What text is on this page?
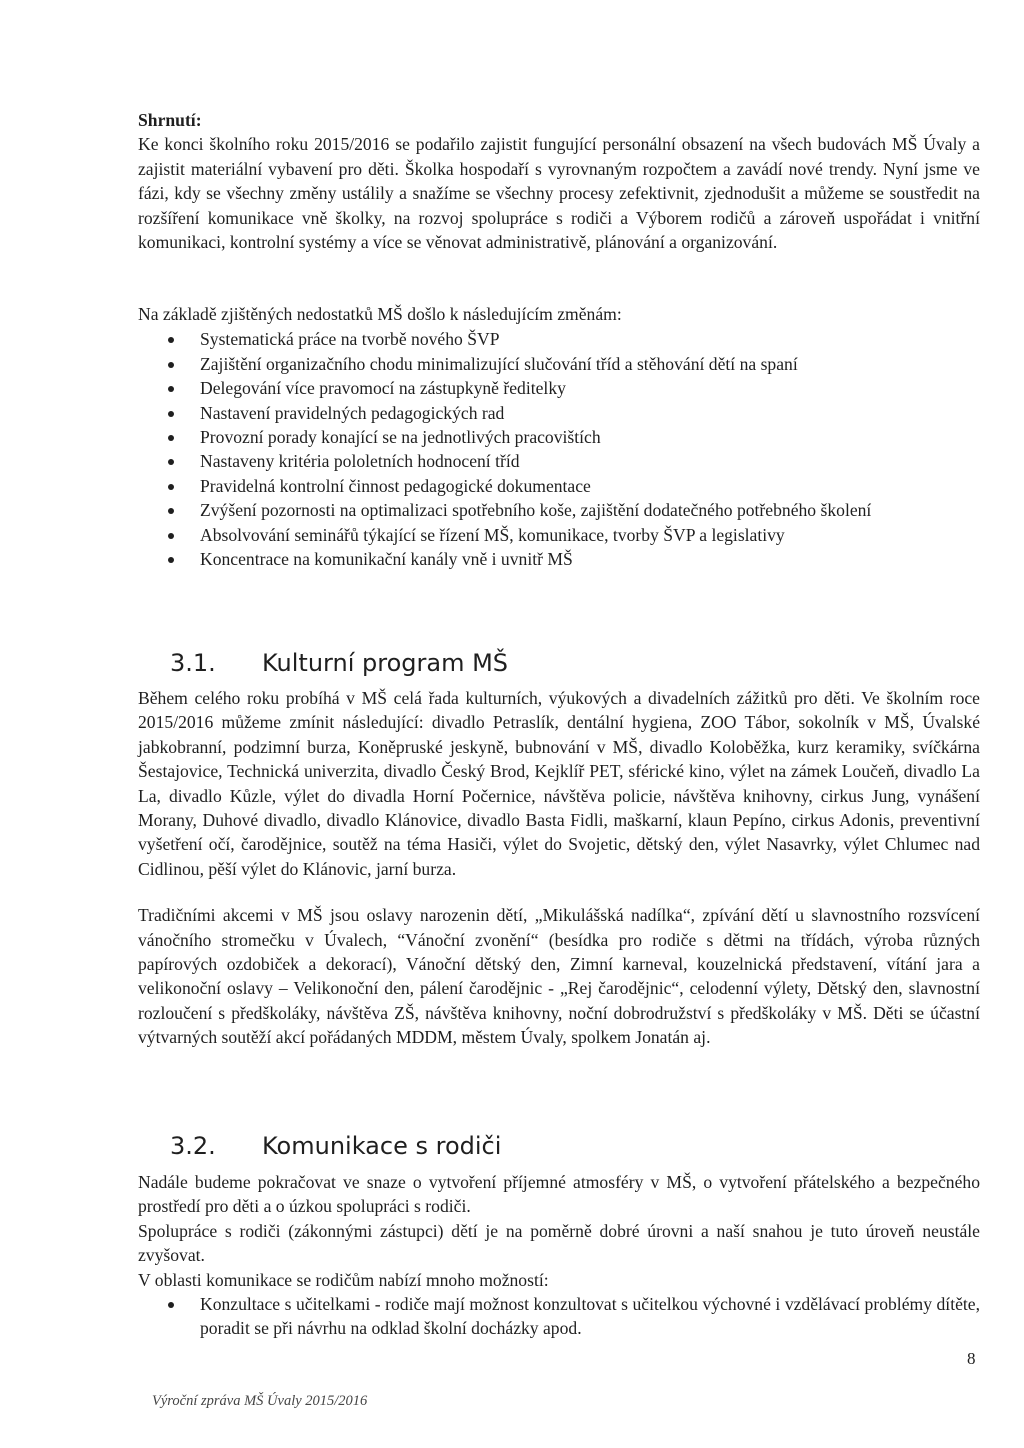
Shrnutí:

Ke konci školního roku 2015/2016 se podařilo zajistit fungující personální obsazení na všech budovách MŠ Úvaly a zajistit materiální vybavení pro děti. Školka hospodaří s vyrovnaným rozpočtem a zavádí nové trendy. Nyní jsme ve fázi, kdy se všechny změny ustálily a snažíme se všechny procesy zefektivnit, zjednodušit a můžeme se soustředit na rozšíření komunikace vně školky, na rozvoj spolupráce s rodiči a Výborem rodičů a zároveň uspořádat i vnitřní komunikaci, kontrolní systémy a více se věnovat administrativě, plánování a organizování.

Na základě zjištěných nedostatků MŠ došlo k následujícím změnám:

Systematická práce na tvorbě nového ŠVP
Zajištění organizačního chodu minimalizující slučování tříd a stěhování dětí na spaní
Delegování více pravomocí na zástupkyně ředitelky
Nastavení pravidelných pedagogických rad
Provozní porady konající se na jednotlivých pracovištích
Nastaveny kritéria pololetních hodnocení tříd
Pravidelná kontrolní činnost pedagogické dokumentace
Zvýšení pozornosti na optimalizaci spotřebního koše, zajištění dodatečného potřebného školení
Absolvování seminářů týkající se řízení MŠ, komunikace, tvorby ŠVP a legislativy
Koncentrace na komunikační kanály vně i uvnitř MŠ
3.1. Kulturní program MŠ

Během celého roku probíhá v MŠ celá řada kulturních, výukových a divadelních zážitků pro děti. Ve školním roce 2015/2016 můžeme zmínit následující: divadlo Petraslík, dentální hygiena, ZOO Tábor, sokolník v MŠ, Úvalské jabkobranní, podzimní burza, Koněpruské jeskyně, bubnování v MŠ, divadlo Koloběžka, kurz keramiky, svíčkárna Šestajovice, Technická univerzita, divadlo Český Brod, Kejklíř PET, sférické kino, výlet na zámek Loučeň, divadlo La La, divadlo Kůzle, výlet do divadla Horní Počernice, návštěva policie, návštěva knihovny, cirkus Jung, vynášení Morany, Duhové divadlo, divadlo Klánovice, divadlo Basta Fidli, maškarní, klaun Pepíno, cirkus Adonis, preventivní vyšetření očí, čarodějnice, soutěž na téma Hasiči, výlet do Svojetic, dětský den, výlet Nasavrky, výlet Chlumec nad Cidlinou, pěší výlet do Klánovic, jarní burza.

Tradičními akcemi v MŠ jsou oslavy narozenin dětí, „Mikulášská nadílka“, zpívání dětí u slavnostního rozsvícení vánočního stromečku v Úvalech, “Vánoční zvonění“ (besídka pro rodiče s dětmi na třídách, výroba různých papírových ozdobiček a dekorací), Vánoční dětský den, Zimní karneval, kouzelnická představení, vítání jara a velikonoční oslavy – Velikonoční den, pálení čarodějnic - „Rej čarodějnic“, celodenní výlety, Dětský den, slavnostní rozloučení s předškoláky, návštěva ZŠ, návštěva knihovny, noční dobrodružství s předškoláky v MŠ. Děti se účastní výtvarných soutěží akcí pořádaných MDDM, městem Úvaly, spolkem Jonatán aj.

3.2. Komunikace s rodiči

Nadále budeme pokračovat ve snaze o vytvoření příjemné atmosféry v MŠ, o vytvoření přátelského a bezpečného prostředí pro děti a o úzkou spolupráci s rodiči.

Spolupráce s rodiči (zákonnými zástupci) dětí je na poměrně dobré úrovni a naší snahou je tuto úroveň neustále zvyšovat.

V oblasti komunikace se rodičům nabízí mnoho možností:

Konzultace s učitelkami - rodiče mají možnost konzultovat s učitelkou výchovné i vzdělávací problémy dítěte, poradit se při návrhu na odklad školní docházky apod.
8
Výroční zpráva MŠ Úvaly 2015/2016
